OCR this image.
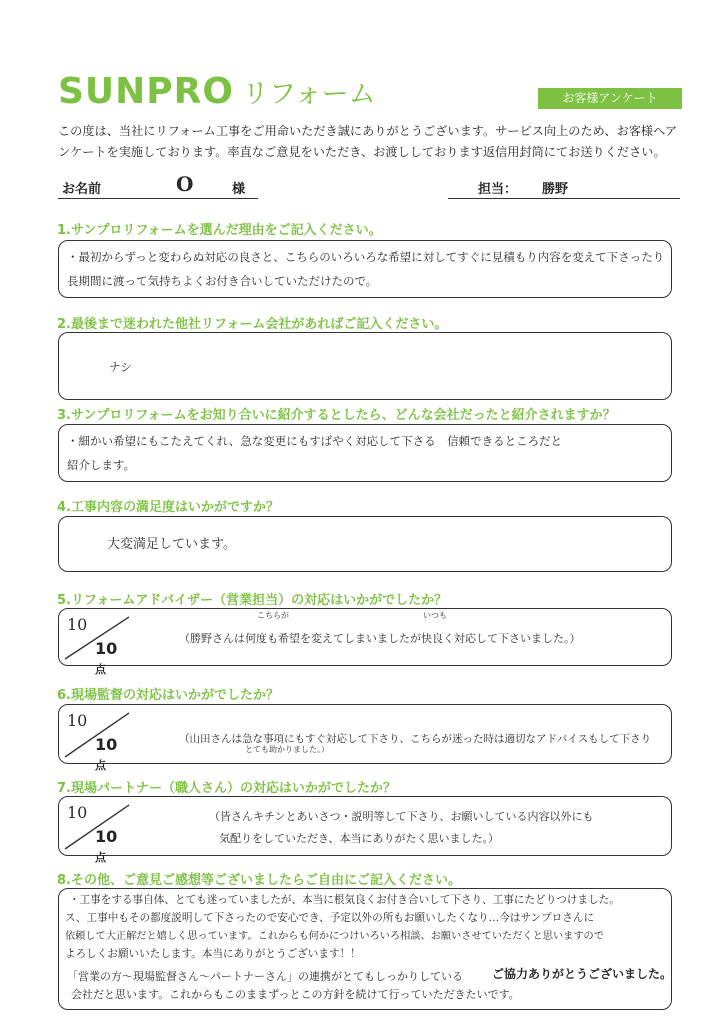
SUNPRO リフォーム	お客様アンケート
この度は、当社にリフォーム工事をご用命いただき誠にありがとうございます。サービス向上のため、お客様へアンケートを実施しております。率直なご意見をいただき、お渡ししております返信用封筒にてお送りください。
お名前	O	様	担当： 勝野
1.サンプロリフォームを選んだ理由をご記入ください。
・最初からずっと変わらぬ対応の良さと、こちらのいろいろな希望に対してすぐに見積もり内容を変えて下さったり
長期間に渡って気持ちよくお付き合いしていただけたので。
2.最後まで迷われた他社リフォーム会社があればご記入ください。
ナシ
3.サンプロリフォームをお知り合いに紹介するとしたら、どんな会社だったと紹介されますか？
・細かい希望にもこたえてくれ、急な変更にもすばやく対応して下さる　信頼できるところだと
紹介します。
4.工事内容の満足度はいかがですか？
大変満足しています。
5.リフォームアドバイザー（営業担当）の対応はいかがでしたか？
10
10点
（勝野さんは何度も希望を変えてしまいましたが快良く対応して下さいました。）
こちらが	いつも
6.現場監督の対応はいかがでしたか？
10
10点
（山田さんは急な事項にもすぐ対応して下さり、こちらが迷った時は適切なアドバイスもして下さり
とても助かりました。）
7.現場パートナー（職人さん）の対応はいかがでしたか？
10
10点
（皆さんキチンとあいさつ・説明等して下さり、お願いしている内容以外にも
気配りをしていただき、本当にありがたく思いました。）
8.その他、ご意見ご感想等ございましたらご自由にご記入ください。
・工事をする事自体、とても迷っていましたが、本当に根気良くお付き合いして下さり、工事にたどりつけました。
ス、工事中もその都度説明して下さったので安心でき、予定以外の所もお願いしたくなり…今はサンプロさんに
依頼して大正解だと嬉しく思っています。これからも何かにつけいろいろ相談、お願いさせていただくと思いますので
よろしくお願いいたします。本当にありがとうございます！！
「営業の方～現場監督さん～パートナーさん」の連携がとてもしっかりしている
会社だと思います。これからもこのままずっとこの方針を続けて行っていただきたいです。
ご協力ありがとうございました。
